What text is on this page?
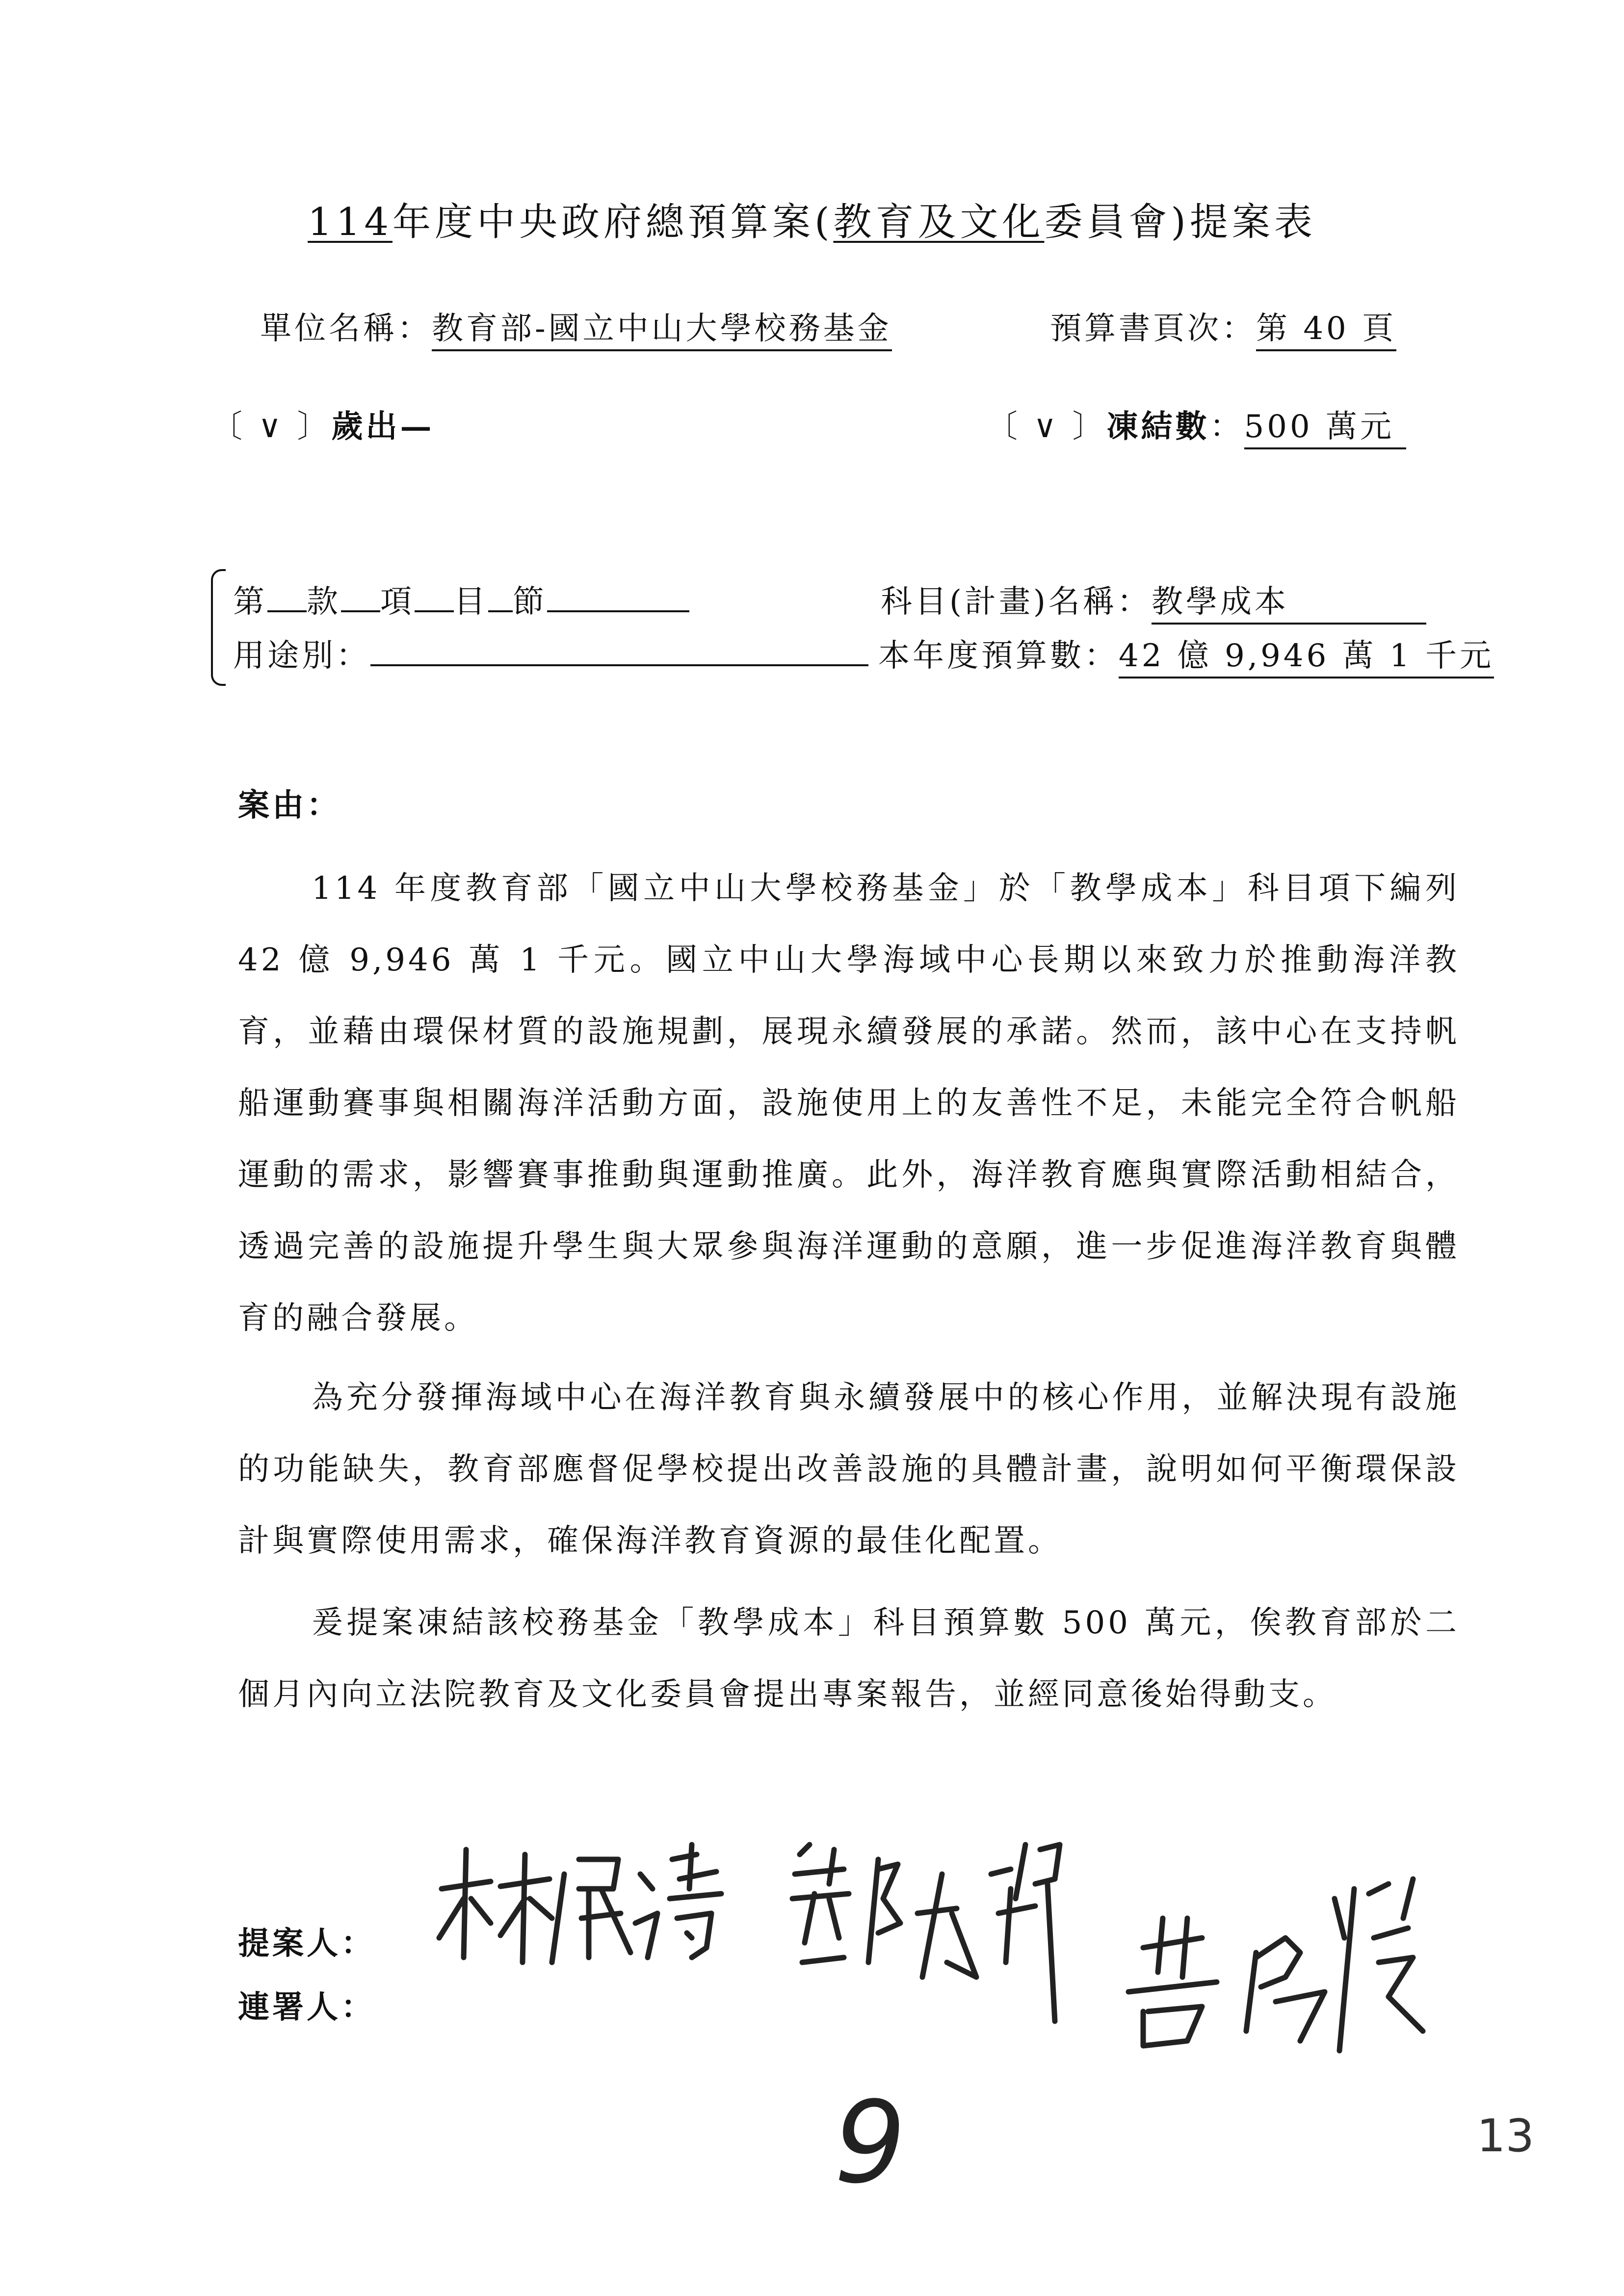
114年度中央政府總預算案(教育及文化委員會)提案表
單位名稱：教育部-國立中山大學校務基金	預算書頁次：第 40 頁
〔 ∨ 〕歲出—	〔 ∨ 〕凍結數：500 萬元
第 款 項 目 節	科目(計畫)名稱：教學成本
用途別：	本年度預算數：42 億 9,946 萬 1 千元
案由：

114 年度教育部「國立中山大學校務基金」於「教學成本」科目項下編列 42 億 9,946 萬 1 千元。國立中山大學海域中心長期以來致力於推動海洋教育，並藉由環保材質的設施規劃，展現永續發展的承諾。然而，該中心在支持帆船運動賽事與相關海洋活動方面，設施使用上的友善性不足，未能完全符合帆船運動的需求，影響賽事推動與運動推廣。此外，海洋教育應與實際活動相結合，透過完善的設施提升學生與大眾參與海洋運動的意願，進一步促進海洋教育與體育的融合發展。

為充分發揮海域中心在海洋教育與永續發展中的核心作用，並解決現有設施的功能缺失，教育部應督促學校提出改善設施的具體計畫，說明如何平衡環保設計與實際使用需求，確保海洋教育資源的最佳化配置。

爰提案凍結該校務基金「教學成本」科目預算數 500 萬元，俟教育部於二個月內向立法院教育及文化委員會提出專案報告，並經同意後始得動支。

提案人：
連署人：
9	13
